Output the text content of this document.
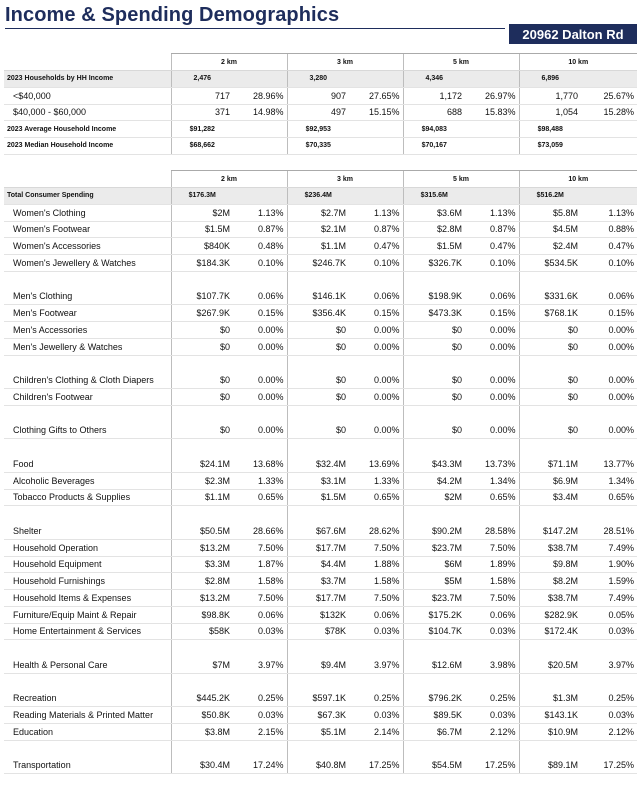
Income & Spending Demographics
20962 Dalton Rd
	2 km		3 km		5 km		10 km	
2023 Households by HH Income	2,476		3,280		4,346		6,896	
<$40,000	717	28.96%	907	27.65%	1,172	26.97%	1,770	25.67%
$40,000 - $60,000	371	14.98%	497	15.15%	688	15.83%	1,054	15.28%
2023 Average Household Income	$91,282		$92,953		$94,083		$98,488	
2023 Median Household Income	$68,662		$70,335		$70,167		$73,059	
	2 km		3 km		5 km		10 km	
Total Consumer Spending	$176.3M		$236.4M		$315.6M		$516.2M	
Women's Clothing	$2M	1.13%	$2.7M	1.13%	$3.6M	1.13%	$5.8M	1.13%
Women's Footwear	$1.5M	0.87%	$2.1M	0.87%	$2.8M	0.87%	$4.5M	0.88%
Women's Accessories	$840K	0.48%	$1.1M	0.47%	$1.5M	0.47%	$2.4M	0.47%
Women's Jewellery & Watches	$184.3K	0.10%	$246.7K	0.10%	$326.7K	0.10%	$534.5K	0.10%

Men's Clothing	$107.7K	0.06%	$146.1K	0.06%	$198.9K	0.06%	$331.6K	0.06%
Men's Footwear	$267.9K	0.15%	$356.4K	0.15%	$473.3K	0.15%	$768.1K	0.15%
Men's Accessories	$0	0.00%	$0	0.00%	$0	0.00%	$0	0.00%
Men's Jewellery & Watches	$0	0.00%	$0	0.00%	$0	0.00%	$0	0.00%

Children's Clothing & Cloth Diapers	$0	0.00%	$0	0.00%	$0	0.00%	$0	0.00%
Children's Footwear	$0	0.00%	$0	0.00%	$0	0.00%	$0	0.00%

Clothing Gifts to Others	$0	0.00%	$0	0.00%	$0	0.00%	$0	0.00%

Food	$24.1M	13.68%	$32.4M	13.69%	$43.3M	13.73%	$71.1M	13.77%
Alcoholic Beverages	$2.3M	1.33%	$3.1M	1.33%	$4.2M	1.34%	$6.9M	1.34%
Tobacco Products & Supplies	$1.1M	0.65%	$1.5M	0.65%	$2M	0.65%	$3.4M	0.65%

Shelter	$50.5M	28.66%	$67.6M	28.62%	$90.2M	28.58%	$147.2M	28.51%
Household Operation	$13.2M	7.50%	$17.7M	7.50%	$23.7M	7.50%	$38.7M	7.49%
Household Equipment	$3.3M	1.87%	$4.4M	1.88%	$6M	1.89%	$9.8M	1.90%
Household Furnishings	$2.8M	1.58%	$3.7M	1.58%	$5M	1.58%	$8.2M	1.59%
Household Items & Expenses	$13.2M	7.50%	$17.7M	7.50%	$23.7M	7.50%	$38.7M	7.49%
Furniture/Equip Maint & Repair	$98.8K	0.06%	$132K	0.06%	$175.2K	0.06%	$282.9K	0.05%
Home Entertainment & Services	$58K	0.03%	$78K	0.03%	$104.7K	0.03%	$172.4K	0.03%

Health & Personal Care	$7M	3.97%	$9.4M	3.97%	$12.6M	3.98%	$20.5M	3.97%

Recreation	$445.2K	0.25%	$597.1K	0.25%	$796.2K	0.25%	$1.3M	0.25%
Reading Materials & Printed Matter	$50.8K	0.03%	$67.3K	0.03%	$89.5K	0.03%	$143.1K	0.03%
Education	$3.8M	2.15%	$5.1M	2.14%	$6.7M	2.12%	$10.9M	2.12%

Transportation	$30.4M	17.24%	$40.8M	17.25%	$54.5M	17.25%	$89.1M	17.25%
